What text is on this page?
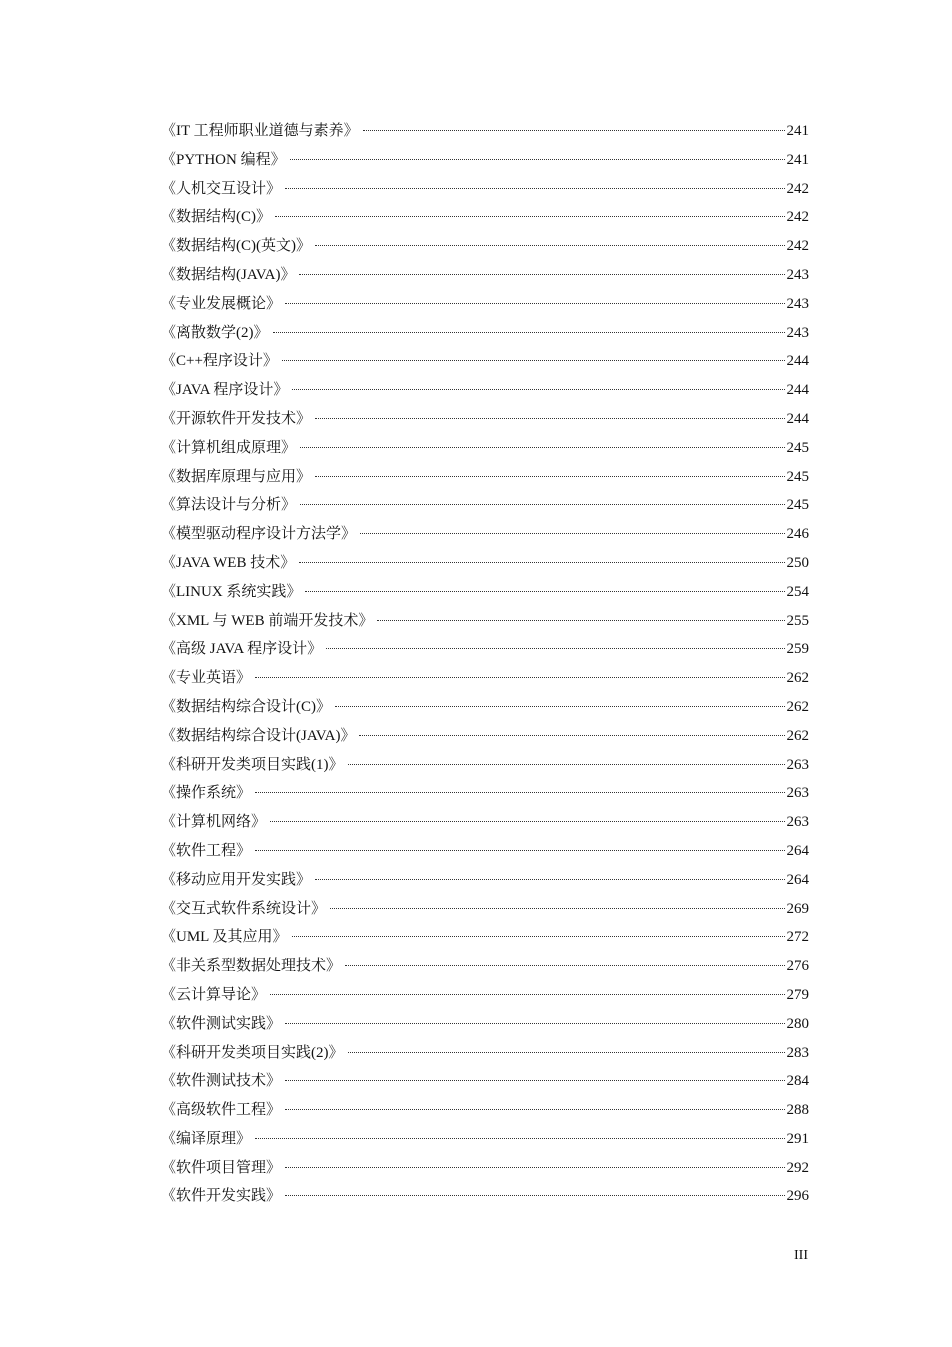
《IT 工程师职业道德与素养》	241
《PYTHON 编程》	241
《人机交互设计》	242
《数据结构(C)》	242
《数据结构(C)(英文)》	242
《数据结构(JAVA)》	243
《专业发展概论》	243
《离散数学(2)》	243
《C++程序设计》	244
《JAVA 程序设计》	244
《开源软件开发技术》	244
《计算机组成原理》	245
《数据库原理与应用》	245
《算法设计与分析》	245
《模型驱动程序设计方法学》	246
《JAVA WEB 技术》	250
《LINUX 系统实践》	254
《XML 与 WEB 前端开发技术》	255
《高级 JAVA 程序设计》	259
《专业英语》	262
《数据结构综合设计(C)》	262
《数据结构综合设计(JAVA)》	262
《科研开发类项目实践(1)》	263
《操作系统》	263
《计算机网络》	263
《软件工程》	264
《移动应用开发实践》	264
《交互式软件系统设计》	269
《UML 及其应用》	272
《非关系型数据处理技术》	276
《云计算导论》	279
《软件测试实践》	280
《科研开发类项目实践(2)》	283
《软件测试技术》	284
《高级软件工程》	288
《编译原理》	291
《软件项目管理》	292
《软件开发实践》	296
III
